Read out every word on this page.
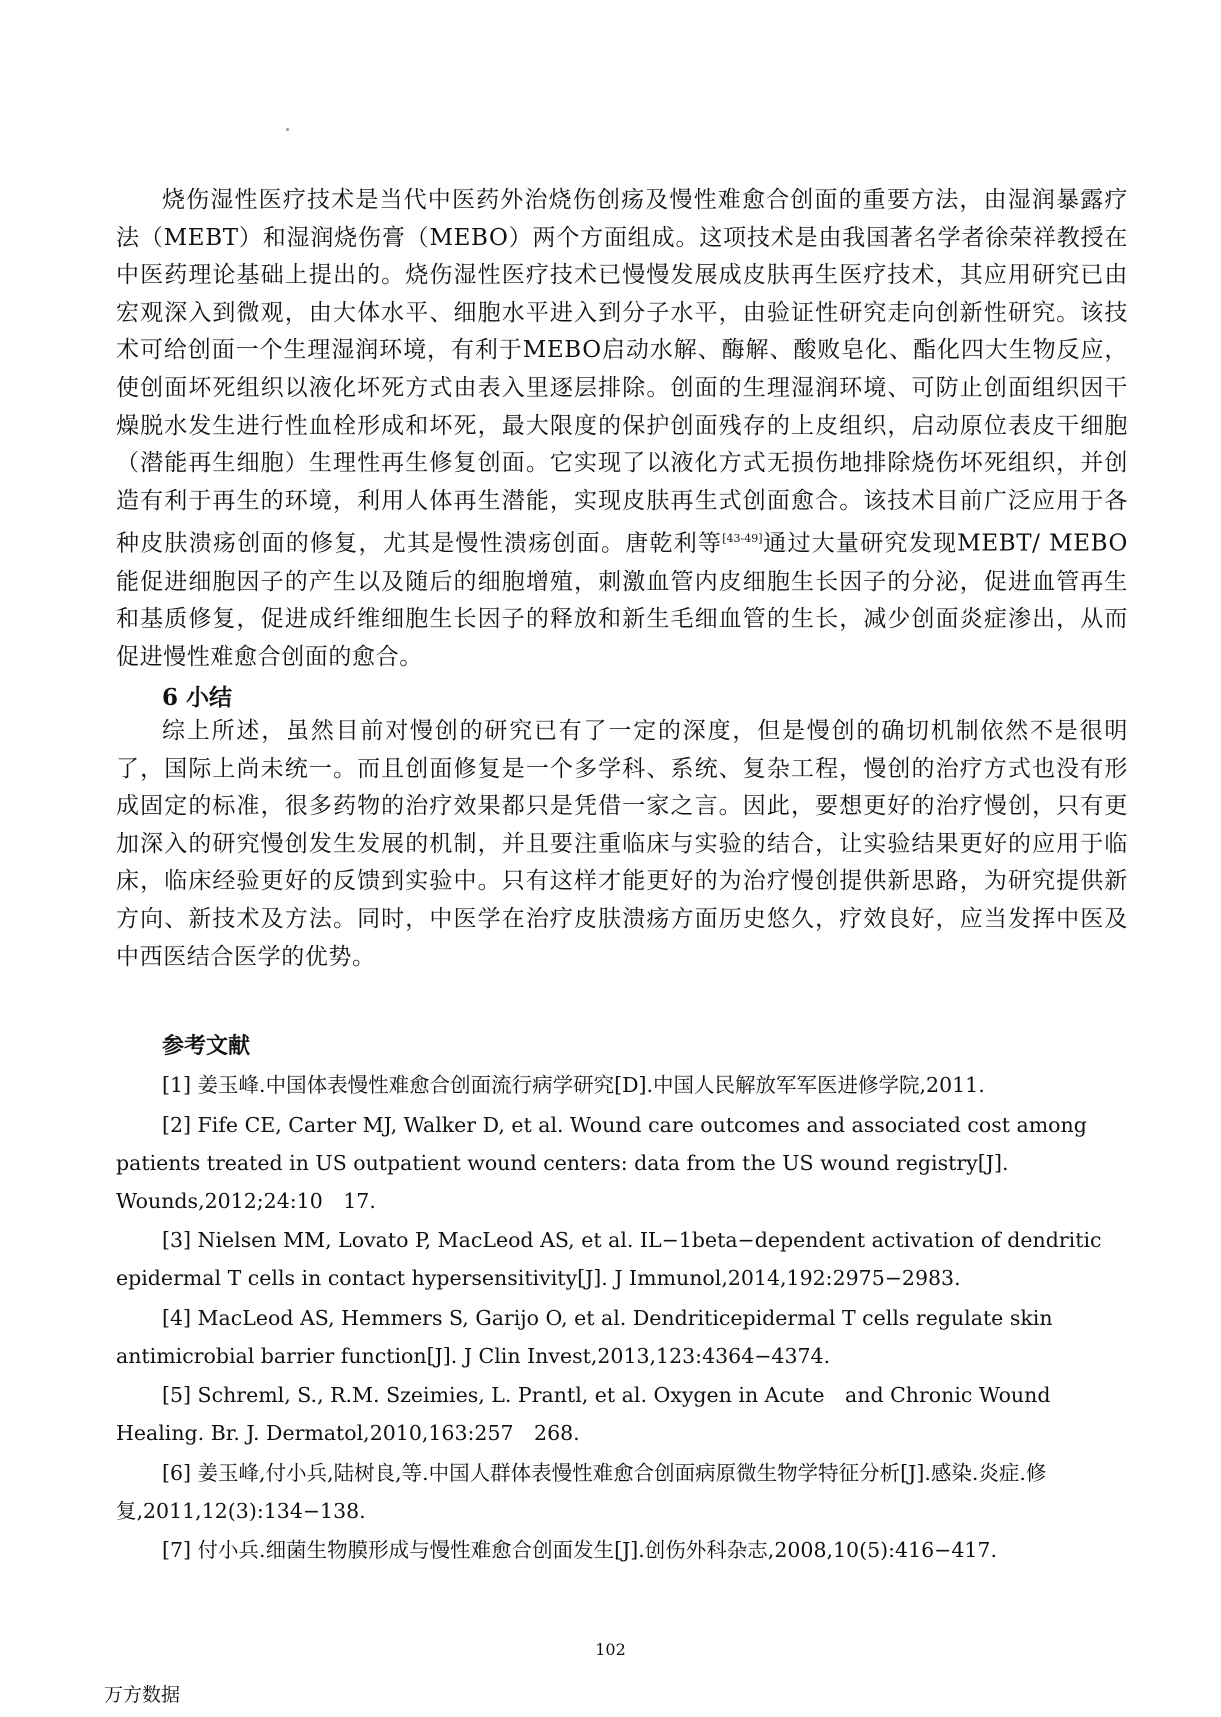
烧伤湿性医疗技术是当代中医药外治烧伤创疡及慢性难愈合创面的重要方法，由湿润暴露疗法（MEBT）和湿润烧伤膏（MEBO）两个方面组成。这项技术是由我国著名学者徐荣祥教授在中医药理论基础上提出的。烧伤湿性医疗技术已慢慢发展成皮肤再生医疗技术，其应用研究已由宏观深入到微观，由大体水平、细胞水平进入到分子水平，由验证性研究走向创新性研究。该技术可给创面一个生理湿润环境，有利于MEBO启动水解、酶解、酸败皂化、酯化四大生物反应，使创面坏死组织以液化坏死方式由表入里逐层排除。创面的生理湿润环境、可防止创面组织因干燥脱水发生进行性血栓形成和坏死，最大限度的保护创面残存的上皮组织，启动原位表皮干细胞（潜能再生细胞）生理性再生修复创面。它实现了以液化方式无损伤地排除烧伤坏死组织，并创造有利于再生的环境，利用人体再生潜能，实现皮肤再生式创面愈合。该技术目前广泛应用于各种皮肤溃疡创面的修复，尤其是慢性溃疡创面。唐乾利等[43-49]通过大量研究发现MEBT/ MEBO能促进细胞因子的产生以及随后的细胞增殖，刺激血管内皮细胞生长因子的分泌，促进血管再生和基质修复，促进成纤维细胞生长因子的释放和新生毛细血管的生长，减少创面炎症渗出，从而促进慢性难愈合创面的愈合。

6 小结

综上所述，虽然目前对慢创的研究已有了一定的深度，但是慢创的确切机制依然不是很明了，国际上尚未统一。而且创面修复是一个多学科、系统、复杂工程，慢创的治疗方式也没有形成固定的标准，很多药物的治疗效果都只是凭借一家之言。因此，要想更好的治疗慢创，只有更加深入的研究慢创发生发展的机制，并且要注重临床与实验的结合，让实验结果更好的应用于临床，临床经验更好的反馈到实验中。只有这样才能更好的为治疗慢创提供新思路，为研究提供新方向、新技术及方法。同时，中医学在治疗皮肤溃疡方面历史悠久，疗效良好，应当发挥中医及中西医结合医学的优势。

参考文献

[1] 姜玉峰.中国体表慢性难愈合创面流行病学研究[D].中国人民解放军军医进修学院,2011.

[2] Fife CE, Carter MJ, Walker D, et al. Wound care outcomes and associated cost among patients treated in US outpatient wound centers: data from the US wound registry[J]. Wounds,2012;24:10　17.

[3] Nielsen MM, Lovato P, MacLeod AS, et al. IL−1beta−dependent activation of dendritic epidermal T cells in contact hypersensitivity[J]. J Immunol,2014,192:2975−2983.

[4] MacLeod AS, Hemmers S, Garijo O, et al. Dendriticepidermal T cells regulate skin antimicrobial barrier function[J]. J Clin Invest,2013,123:4364−4374.

[5] Schreml, S., R.M. Szeimies, L. Prantl, et al. Oxygen in Acute　and Chronic Wound Healing. Br. J. Dermatol,2010,163:257　268.

[6] 姜玉峰,付小兵,陆树良,等.中国人群体表慢性难愈合创面病原微生物学特征分析[J].感染.炎症.修复,2011,12(3):134−138.

[7] 付小兵.细菌生物膜形成与慢性难愈合创面发生[J].创伤外科杂志,2008,10(5):416−417.

102
万方数据
